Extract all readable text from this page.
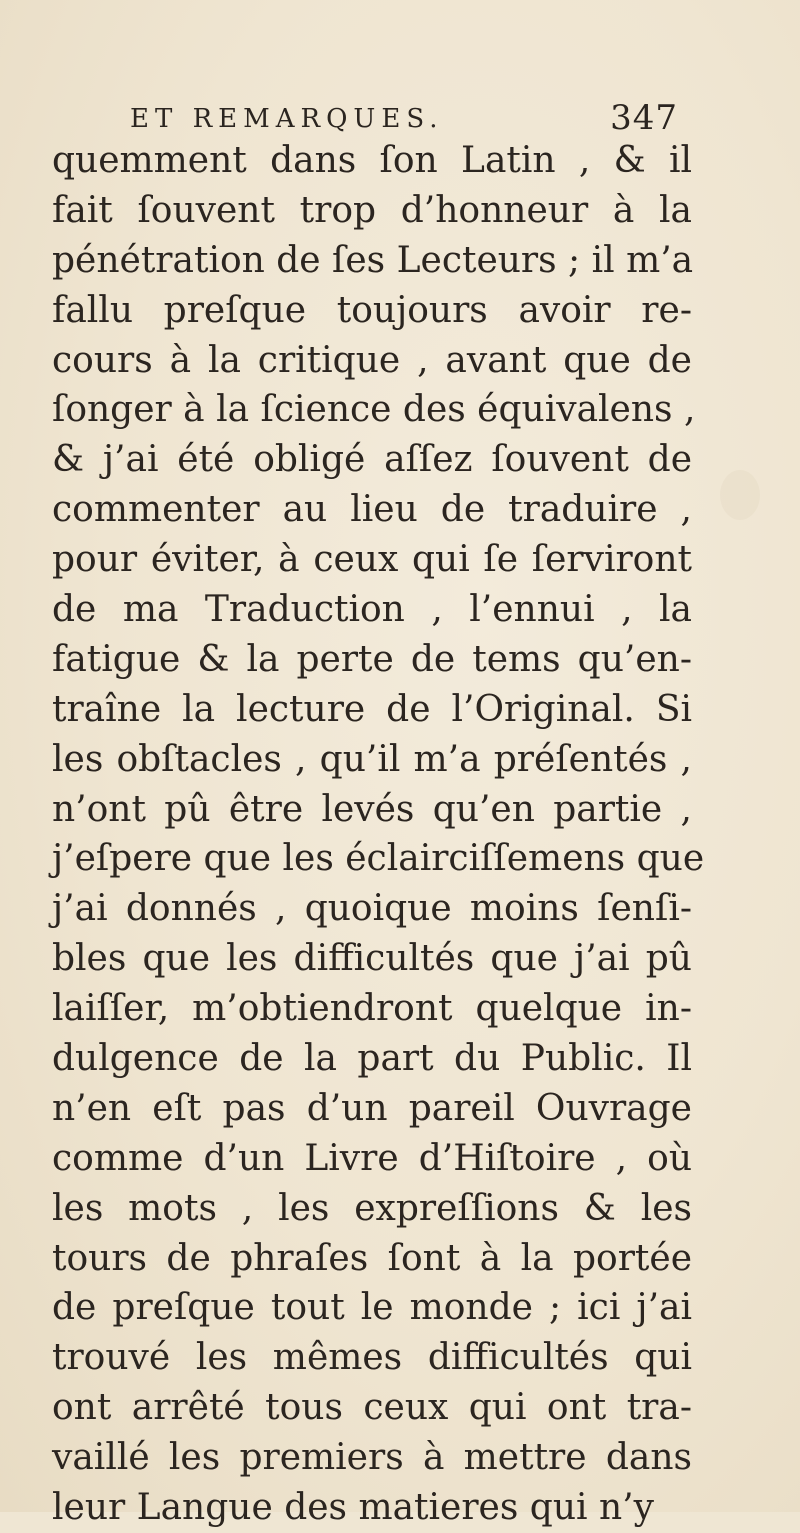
ET REMARQUES.	347
quemment dans ſon Latin , & il
fait ſouvent trop d’honneur à la
pénétration de ſes Lecteurs ; il m’a
fallu preſque toujours avoir re-
cours à la critique , avant que de
ſonger à la ſcience des équivalens ,
& j’ai été obligé aſſez ſouvent de
commenter au lieu de traduire ,
pour éviter, à ceux qui ſe ſerviront
de ma Traduction , l’ennui , la
fatigue & la perte de tems qu’en-
traîne la lecture de l’Original. Si
les obſtacles , qu’il m’a préſentés ,
n’ont pû être levés qu’en partie ,
j’eſpere que les éclairciſſemens que
j’ai donnés , quoique moins ſenſi-
bles que les difficultés que j’ai pû
laiſſer, m’obtiendront quelque in-
dulgence de la part du Public. Il
n’en eſt pas d’un pareil Ouvrage
comme d’un Livre d’Hiſtoire , où
les mots , les expreſſions & les
tours de phraſes ſont à la portée
de preſque tout le monde ; ici j’ai
trouvé les mêmes difficultés qui
ont arrêté tous ceux qui ont tra-
vaillé les premiers à mettre dans
leur Langue des matieres qui n’y
